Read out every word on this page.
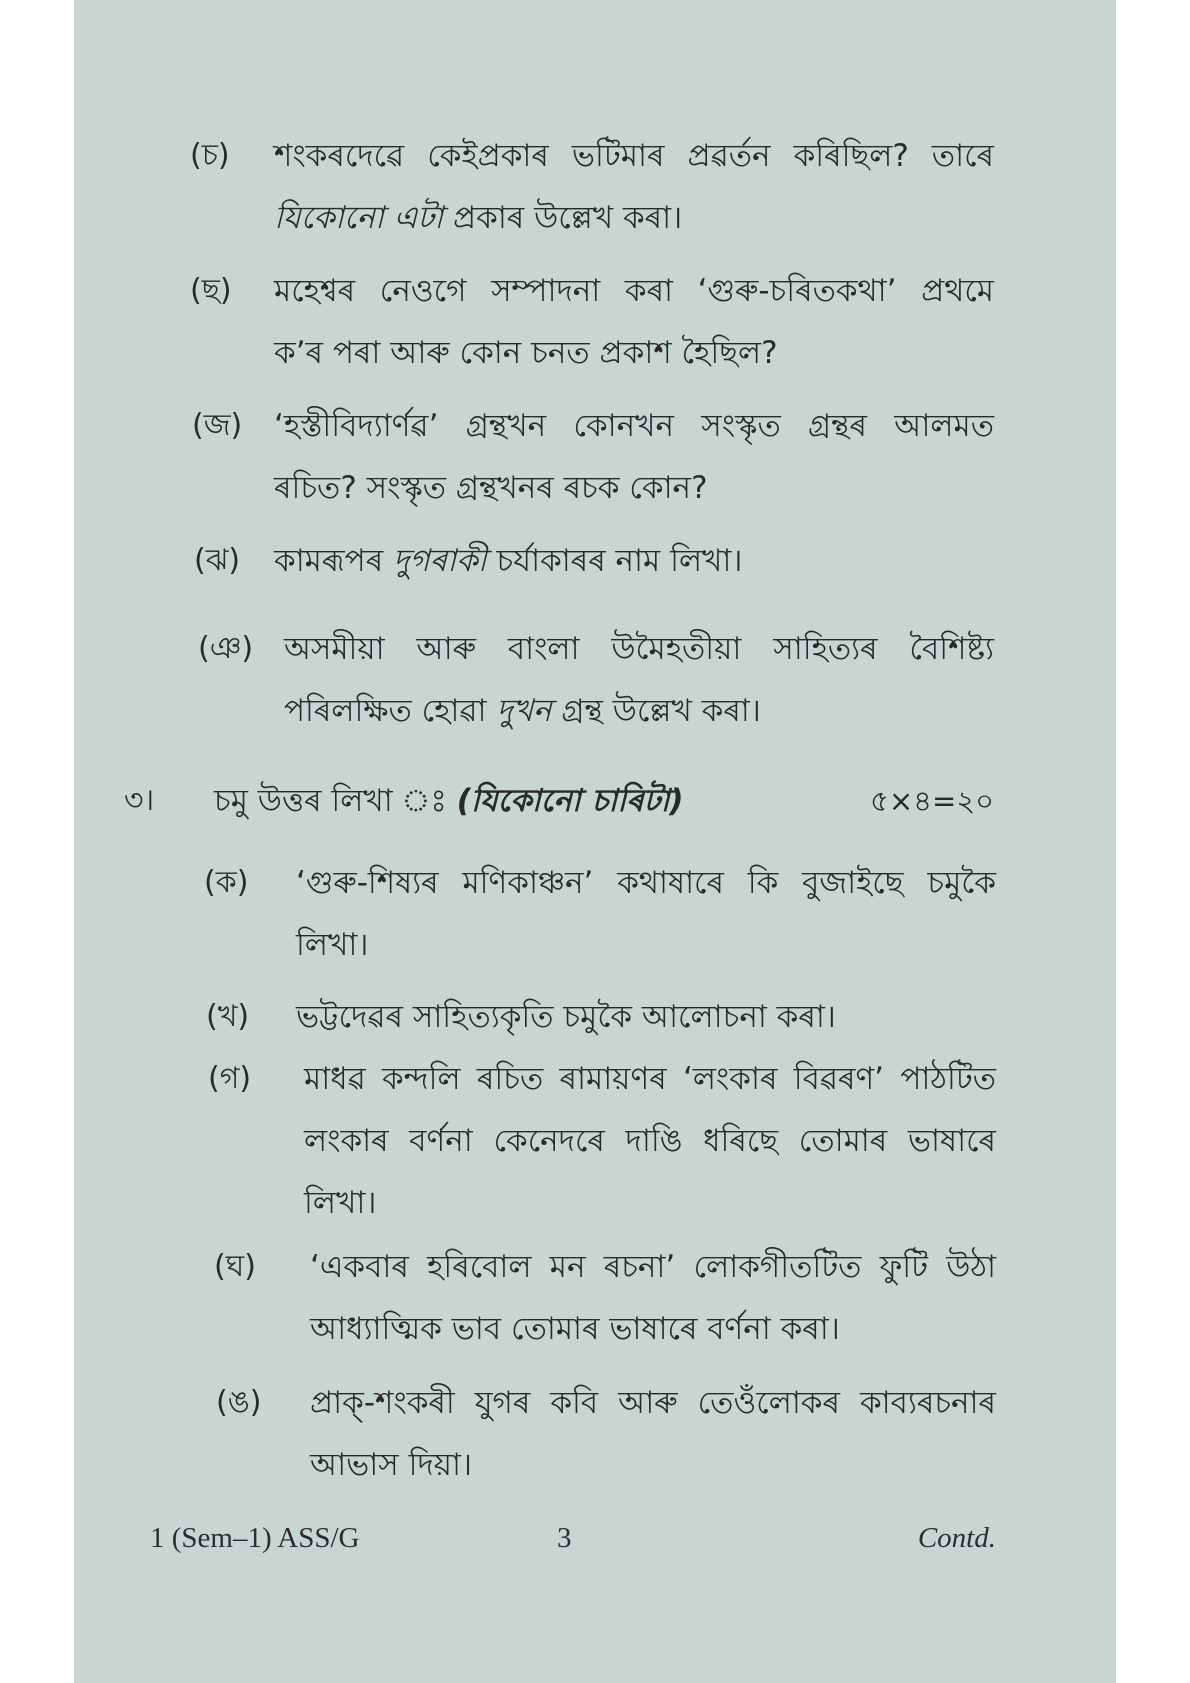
(চ) শংকৰদেৱে কেইপ্ৰকাৰ ভটিমাৰ প্ৰৱৰ্তন কৰিছিল? তাৰে
যিকোনো এটা প্ৰকাৰ উল্লেখ কৰা।
(ছ) মহেশ্বৰ নেওগে সম্পাদনা কৰা ‘গুৰু-চৰিতকথা’ প্ৰথমে
ক’ৰ পৰা আৰু কোন চনত প্ৰকাশ হৈছিল?
(জ) ‘হস্তীবিদ্যাৰ্ণৱ’ গ্ৰন্থখন কোনখন সংস্কৃত গ্ৰন্থৰ আলমত
ৰচিত? সংস্কৃত গ্ৰন্থখনৰ ৰচক কোন?
(ঝ) কামৰূপৰ দুগৰাকী চৰ্যাকাৰৰ নাম লিখা।
(ঞ) অসমীয়া আৰু বাংলা উমৈহতীয়া সাহিত্যৰ বৈশিষ্ট্য
পৰিলক্ষিত হোৱা দুখন গ্ৰন্থ উল্লেখ কৰা।
৩। চমু উত্তৰ লিখা ঃ (যিকোনো চাৰিটা)	৫×৪=২০
(ক) ‘গুৰু-শিষ্যৰ মণিকাঞ্চন’ কথাষাৰে কি বুজাইছে চমুকৈ
লিখা।
(খ) ভট্টদেৱৰ সাহিত্যকৃতি চমুকৈ আলোচনা কৰা।
(গ) মাধৱ কন্দলি ৰচিত ৰামায়ণৰ ‘লংকাৰ বিৱৰণ’ পাঠটিত
লংকাৰ বৰ্ণনা কেনেদৰে দাঙি ধৰিছে তোমাৰ ভাষাৰে
লিখা।
(ঘ) ‘একবাৰ হৰিবোল মন ৰচনা’ লোকগীতটিত ফুটি উঠা
আধ্যাত্মিক ভাব তোমাৰ ভাষাৰে বৰ্ণনা কৰা।
(ঙ) প্ৰাক্-শংকৰী যুগৰ কবি আৰু তেওঁলোকৰ কাব্যৰচনাৰ
আভাস দিয়া।
1 (Sem–1) ASS/G	3	Contd.
